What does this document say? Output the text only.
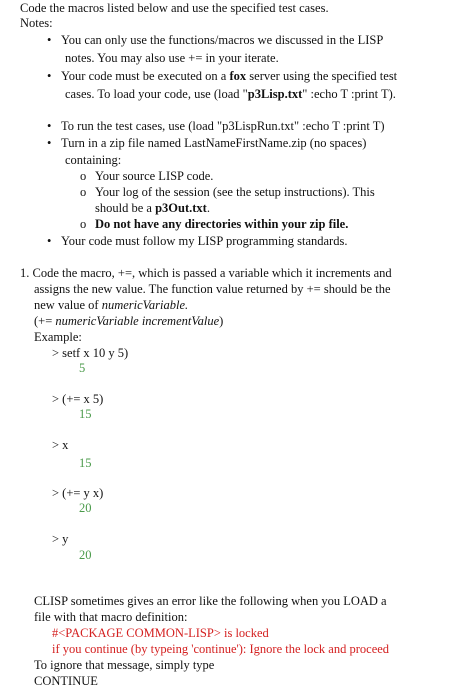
Code the macros listed below and use the specified test cases.

Notes:

• You can only use the functions/macros we discussed in the LISP

notes. You may also use += in your iterate.

• Your code must be executed on a fox server using the specified test

cases. To load your code, use (load "p3Lisp.txt" :echo T :print T).

• To run the test cases, use (load "p3LispRun.txt" :echo T :print T)

• Turn in a zip file named LastNameFirstName.zip (no spaces)

containing:

o Your source LISP code.

o Your log of the session (see the setup instructions). This

should be a p3Out.txt.

o Do not have any directories within your zip file.

• Your code must follow my LISP programming standards.

1. Code the macro, +=, which is passed a variable which it increments and

assigns the new value. The function value returned by += should be the

new value of numericVariable.

(+= numericVariable incrementValue)

Example:

> setf x 10 y 5)

5

> (+= x 5)

15

> x

15

> (+= y x)

20

> y

20

CLISP sometimes gives an error like the following when you LOAD a

file with that macro definition:

#<PACKAGE COMMON-LISP> is locked

if you continue (by typeing 'continue'): Ignore the lock and proceed

To ignore that message, simply type

CONTINUE
